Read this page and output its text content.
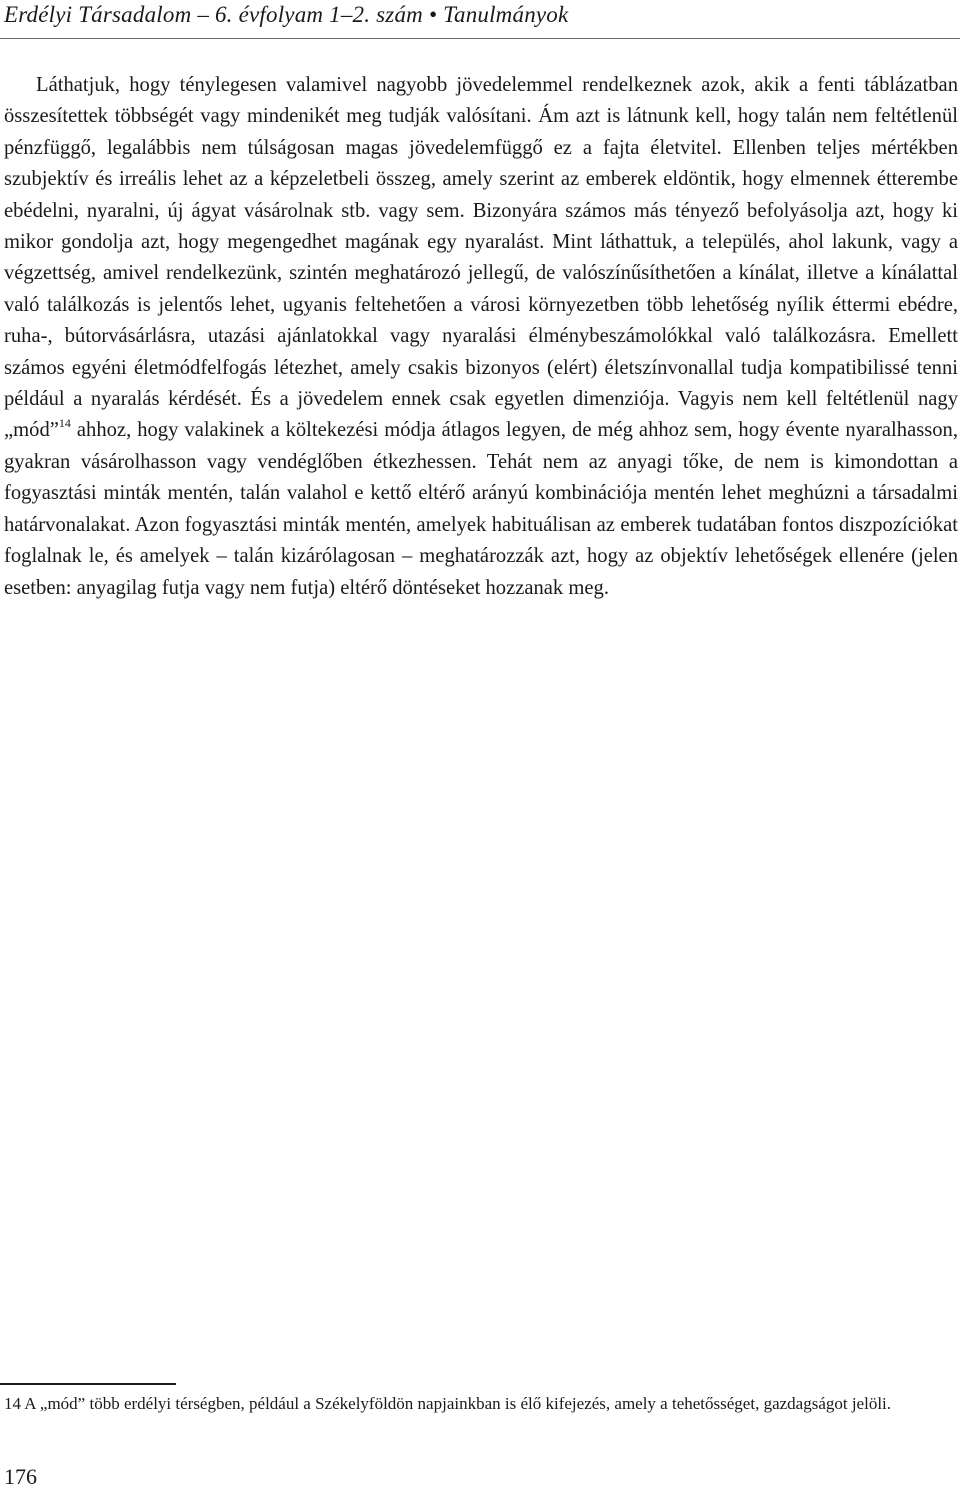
Erdélyi Társadalom – 6. évfolyam 1–2. szám • Tanulmányok

Láthatjuk, hogy ténylegesen valamivel nagyobb jövedelemmel rendelkeznek azok, akik a fenti táblázatban összesítettek többségét vagy mindenikét meg tudják valósítani. Ám azt is látnunk kell, hogy talán nem feltétlenül pénzfüggő, legalábbis nem túlságosan magas jövedelemfüggő ez a fajta életvitel. Ellenben teljes mértékben szubjektív és irreális lehet az a képzeletbeli összeg, amely szerint az emberek eldöntik, hogy elmennek étterembe ebédelni, nyaralni, új ágyat vásárolnak stb. vagy sem. Bizonyára számos más tényező befolyásolja azt, hogy ki mikor gondolja azt, hogy megengedhet magának egy nyaralást. Mint láthattuk, a település, ahol lakunk, vagy a végzettség, amivel rendelkezünk, szintén meghatározó jellegű, de valószínűsíthetően a kínálat, illetve a kínálattal való találkozás is jelentős lehet, ugyanis feltehetően a városi környezetben több lehetőség nyílik éttermi ebédre, ruha-, bútorvásárlásra, utazási ajánlatokkal vagy nyaralási élménybeszámolókkal való találkozásra. Emellett számos egyéni életmódfelfogás létezhet, amely csakis bizonyos (elért) életszínvonallal tudja kompatibilissé tenni például a nyaralás kérdését. És a jövedelem ennek csak egyetlen dimenziója. Vagyis nem kell feltétlenül nagy „mód”$^{14}$ ahhoz, hogy valakinek a költekezési módja átlagos legyen, de még ahhoz sem, hogy évente nyaralhasson, gyakran vásárolhasson vagy vendéglőben étkezhessen. Tehát nem az anyagi tőke, de nem is kimondottan a fogyasztási minták mentén, talán valahol e kettő eltérő arányú kombinációja mentén lehet meghúzni a társadalmi határvonalakat. Azon fogyasztási minták mentén, amelyek habituálisan az emberek tudatában fontos diszpozíciókat foglalnak le, és amelyek – talán kizárólagosan – meghatározzák azt, hogy az objektív lehetőségek ellenére (jelen esetben: anyagilag futja vagy nem futja) eltérő döntéseket hozzanak meg.

14 A „mód” több erdélyi térségben, például a Székelyföldön napjainkban is élő kifejezés, amely a tehetősséget, gazdagságot jelöli.

176
